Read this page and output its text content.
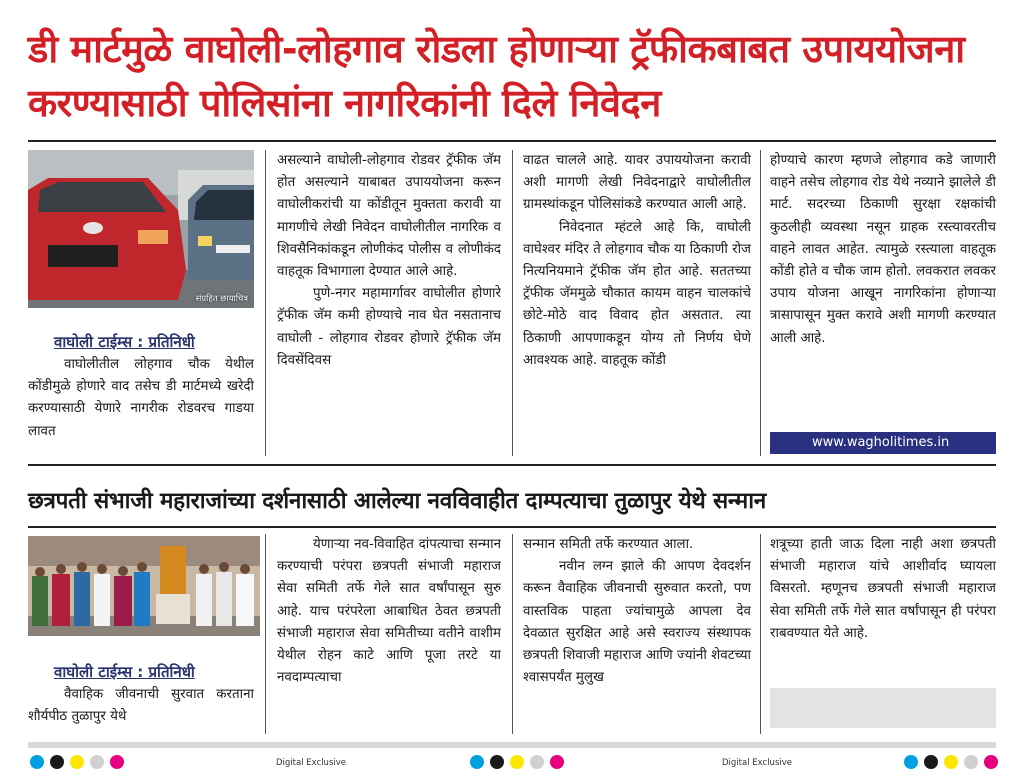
डी मार्टमुळे वाघोली-लोहगाव रोडला होणाऱ्या ट्रॅफीकबाबत उपाययोजना करण्यासाठी पोलिसांना नागरिकांनी दिले निवेदन
संग्रहित छायाचित्र
वाघोली टाईम्स : प्रतिनिधी

वाघोलीतील लोहगाव चौक येथील कोंडीमुळे होणारे वाद तसेच डी मार्टमध्ये खरेदी करण्यासाठी येणारे नागरीक रोडवरच गाडया लावत

असल्याने वाघोली-लोहगाव रोडवर ट्रॅफीक जॅम होत असल्याने याबाबत उपाययोजना करून वाघोलीकरांची या कोंडीतून मुक्तता करावी या मागणीचे लेखी निवेदन वाघोलीतील नागरिक व शिवसैनिकांकडून लोणीकंद पोलीस व लोणीकंद वाहतूक विभागाला देण्यात आले आहे.

पुणे-नगर महामार्गावर वाघोलीत होणारे ट्रॅफीक जॅम कमी होण्याचे नाव घेत नसतानाच वाघोली - लोहगाव रोडवर होणारे ट्रॅफीक जॅम दिवसेंदिवस

वाढत चालले आहे. यावर उपाययोजना करावी अशी मागणी लेखी निवेदनाद्वारे वाघोलीतील ग्रामस्थांकडून पोलिसांकडे करण्यात आली आहे.

निवेदनात म्हंटले आहे कि, वाघोली वाघेश्वर मंदिर ते लोहगाव चौक या ठिकाणी रोज नित्यनियमाने ट्रॅफीक जॅम होत आहे. सततच्या ट्रॅफीक जॅममुळे चौकात कायम वाहन चालकांचे छोटे-मोठे वाद विवाद होत असतात. त्या ठिकाणी आपणाकडून योग्य तो निर्णय घेणे आवश्यक आहे. वाहतूक कोंडी

होण्याचे कारण म्हणजे लोहगाव कडे जाणारी वाहने तसेच लोहगाव रोड येथे नव्याने झालेले डी मार्ट. सदरच्या ठिकाणी सुरक्षा रक्षकांची कुठलीही व्यवस्था नसून ग्राहक रस्त्यावरतीच वाहने लावत आहेत. त्यामुळे रस्त्याला वाहतूक कोंडी होते व चौक जाम होतो. लवकरात लवकर उपाय योजना आखून नागरिकांना होणाऱ्या त्रासापासून मुक्त करावे अशी मागणी करण्यात आली आहे.

www.wagholitimes.in
छत्रपती संभाजी महाराजांच्या दर्शनासाठी आलेल्या नवविवाहीत दाम्पत्याचा तुळापुर येथे सन्मान
वाघोली टाईम्स : प्रतिनिधी

वैवाहिक जीवनाची सुरवात करताना शौर्यपीठ तुळापुर येथे

येणाऱ्या नव-विवाहित दांपत्याचा सन्मान करण्याची परंपरा छत्रपती संभाजी महाराज सेवा समिती तर्फे गेले सात वर्षांपासून सुरु आहे. याच परंपरेला आबाधित ठेवत छत्रपती संभाजी महाराज सेवा समितीच्या वतीने वाशीम येथील रोहन काटे आणि पूजा तरटे या नवदाम्पत्याचा

सन्मान समिती तर्फे करण्यात आला.

नवीन लग्न झाले की आपण देवदर्शन करून वैवाहिक जीवनाची सुरुवात करतो, पण वास्तविक पाहता ज्यांचामुळे आपला देव देवळात सुरक्षित आहे असे स्वराज्य संस्थापक छत्रपती शिवाजी महाराज आणि ज्यांनी शेवटच्या श्वासपर्यंत मुलुख

शत्रूच्या हाती जाऊ दिला नाही अशा छत्रपती संभाजी महाराज यांचे आशीर्वाद घ्यायला विसरतो. म्हणूनच छत्रपती संभाजी महाराज सेवा समिती तर्फे गेले सात वर्षांपासून ही परंपरा राबवण्यात येते आहे.

Digital Exclusive	Digital Exclusive
